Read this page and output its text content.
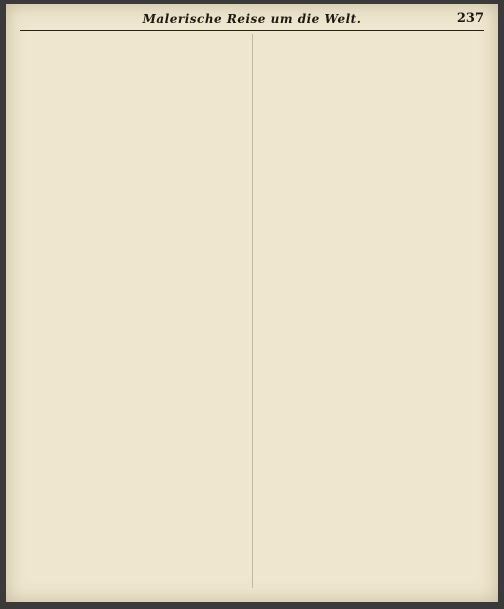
Malerische Reise um die Welt.	237
